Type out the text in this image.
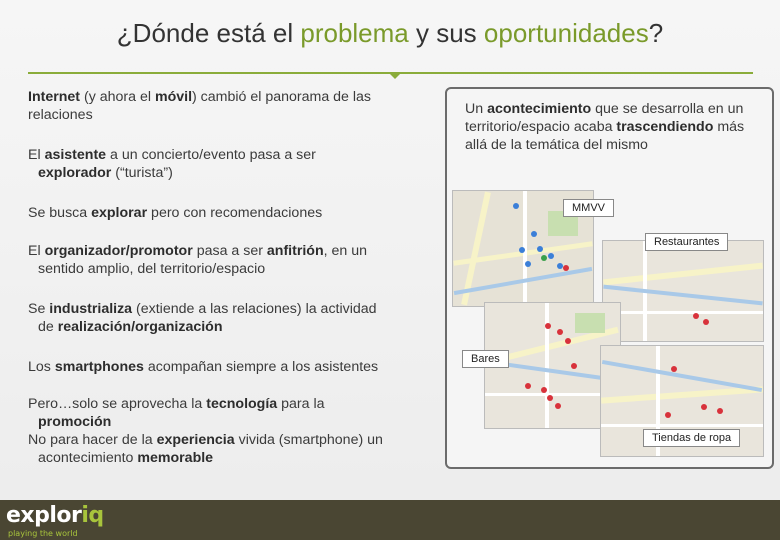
¿Dónde está el problema y sus oportunidades?

Internet (y ahora el móvil) cambió el panorama de las relaciones

El asistente a un concierto/evento pasa a ser
explorador (“turista”)

Se busca explorar pero con recomendaciones

El organizador/promotor pasa a ser anfitrión, en un
sentido amplio, del territorio/espacio

Se industrializa (extiende a las relaciones) la actividad
de realización/organización

Los smartphones acompañan siempre a los asistentes

Pero…solo se aprovecha la tecnología para la
promoción
No para hacer de la experiencia vivida (smartphone) un
acontecimiento memorable

Un acontecimiento que se desarrolla en un territorio/espacio acaba trascendiendo más allá de la temática del mismo
MMVV
Restaurantes
Bares
Tiendas de ropa
exploriq
playing the world
